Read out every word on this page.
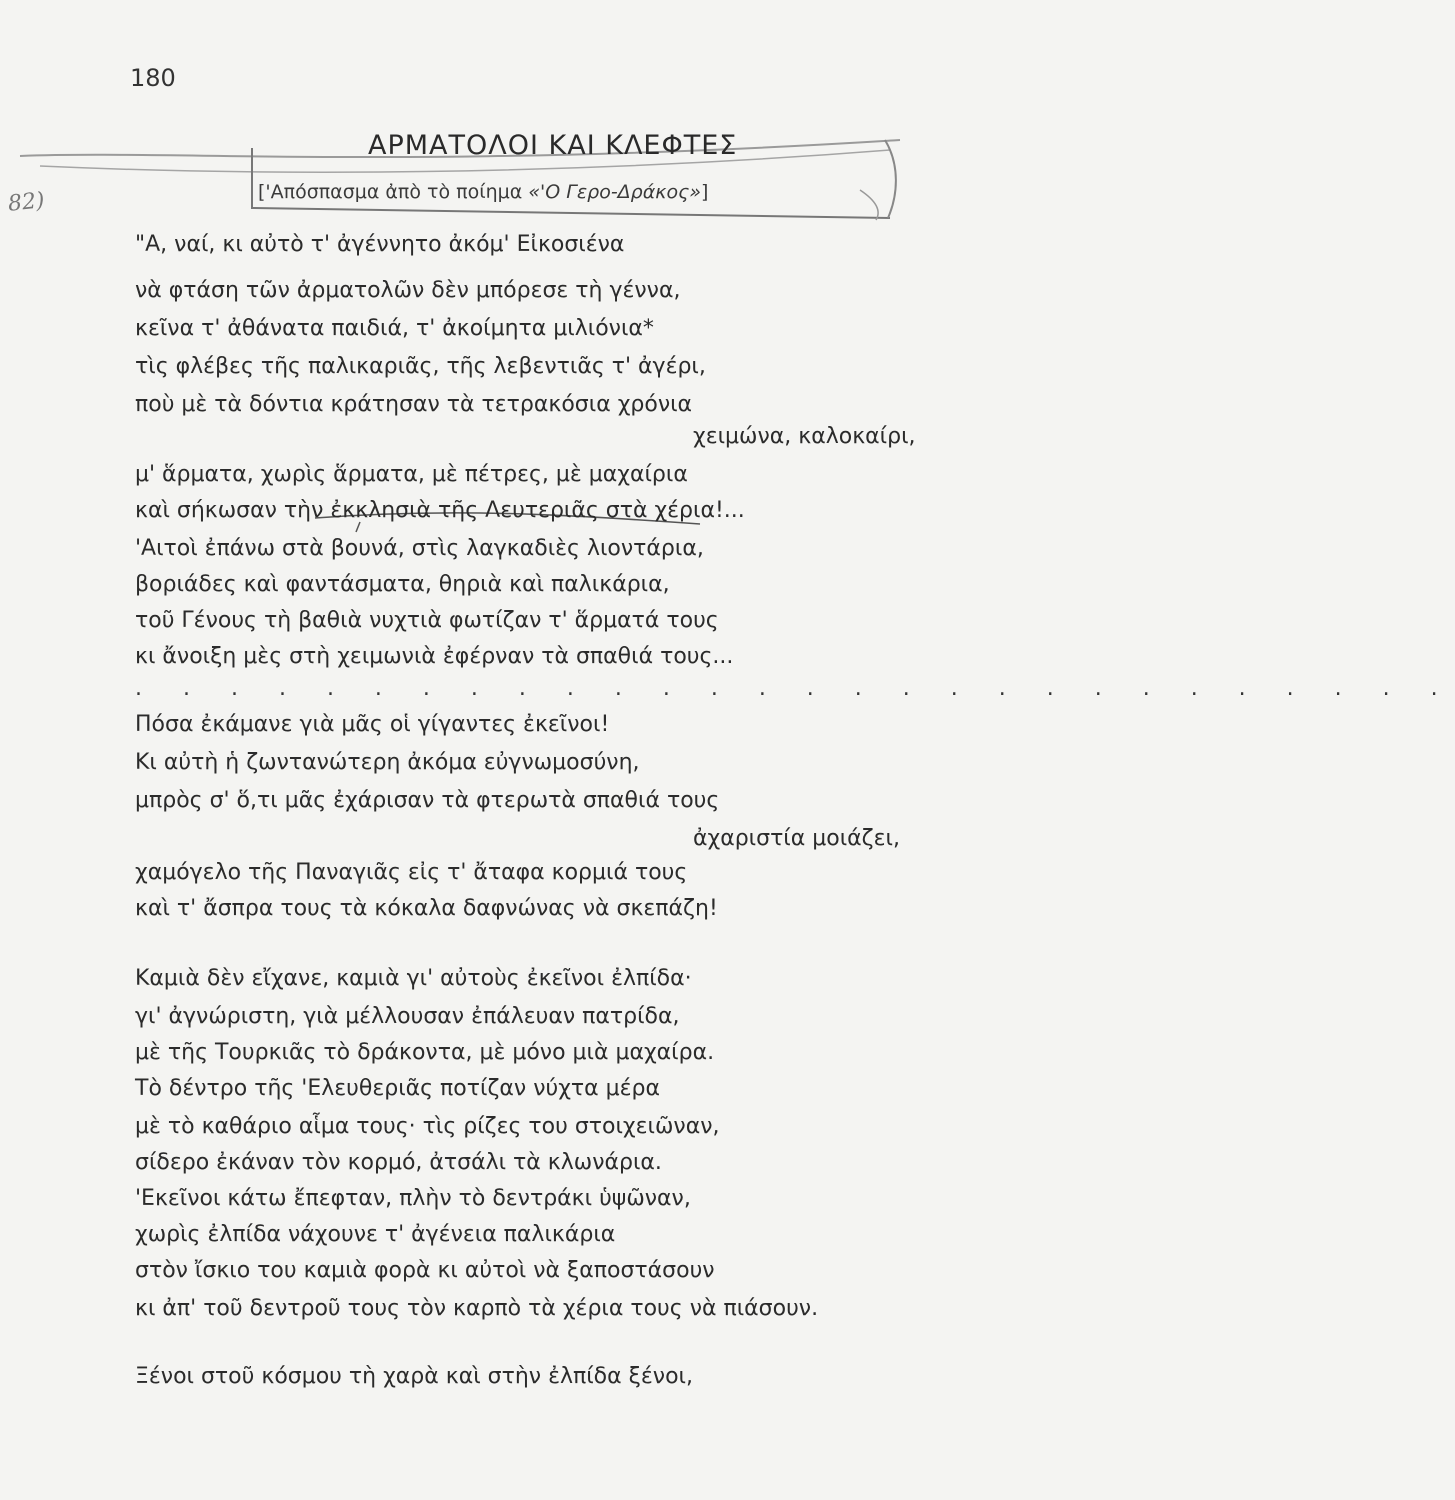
180
ΑΡΜΑΤΟΛΟΙ ΚΑΙ ΚΛΕΦΤΕΣ
['Απόσπασμα ἀπὸ τὸ ποίημα «'Ο Γερο-Δράκος»]
82)
"Α, ναί, κι αὐτὸ τ' ἀγέννητο ἀκόμ' Εἰκοσιένα
νὰ φτάση τῶν ἀρματολῶν δὲν μπόρεσε τὴ γέννα,
κεῖνα τ' ἀθάνατα παιδιά, τ' ἀκοίμητα μιλιόνια*
τὶς φλέβες τῆς παλικαριᾶς, τῆς λεβεντιᾶς τ' ἀγέρι,
ποὺ μὲ τὰ δόντια κράτησαν τὰ τετρακόσια χρόνια
χειμώνα, καλοκαίρι,
μ' ἅρματα, χωρὶς ἅρματα, μὲ πέτρες, μὲ μαχαίρια
καὶ σήκωσαν τὴν ἐκκλησιὰ τῆς Λευτεριᾶς στὰ χέρια!...
'Αιτοὶ ἐπάνω στὰ βουνά, στὶς λαγκαδιὲς λιοντάρια,
βοριάδες καὶ φαντάσματα, θηριὰ καὶ παλικάρια,
τοῦ Γένους τὴ βαθιὰ νυχτιὰ φωτίζαν τ' ἅρματά τους
κι ἄνοιξη μὲς στὴ χειμωνιὰ ἐφέρναν τὰ σπαθιά τους...
. . . . . . . . . . . . . . . . . . . . . . . . . . . .
Πόσα ἐκάμανε γιὰ μᾶς οἱ γίγαντες ἐκεῖνοι!
Κι αὐτὴ ἡ ζωντανώτερη ἀκόμα εὐγνωμοσύνη,
μπρὸς σ' ὅ,τι μᾶς ἐχάρισαν τὰ φτερωτὰ σπαθιά τους
ἀχαριστία μοιάζει,
χαμόγελο τῆς Παναγιᾶς εἰς τ' ἄταφα κορμιά τους
καὶ τ' ἄσπρα τους τὰ κόκαλα δαφνώνας νὰ σκεπάζη!
Καμιὰ δὲν εἴχανε, καμιὰ γι' αὐτοὺς ἐκεῖνοι ἐλπίδα·
γι' ἀγνώριστη, γιὰ μέλλουσαν ἐπάλευαν πατρίδα,
μὲ τῆς Τουρκιᾶς τὸ δράκοντα, μὲ μόνο μιὰ μαχαίρα.
Τὸ δέντρο τῆς 'Ελευθεριᾶς ποτίζαν νύχτα μέρα
μὲ τὸ καθάριο αἷμα τους· τὶς ρίζες του στοιχειῶναν,
σίδερο ἐκάναν τὸν κορμό, ἀτσάλι τὰ κλωνάρια.
'Εκεῖνοι κάτω ἔπεφταν, πλὴν τὸ δεντράκι ὑψῶναν,
χωρὶς ἐλπίδα νάχουνε τ' ἀγένεια παλικάρια
στὸν ἴσκιο του καμιὰ φορὰ κι αὐτοὶ νὰ ξαποστάσουν
κι ἀπ' τοῦ δεντροῦ τους τὸν καρπὸ τὰ χέρια τους νὰ πιάσουν.
Ξένοι στοῦ κόσμου τὴ χαρὰ καὶ στὴν ἐλπίδα ξένοι,
